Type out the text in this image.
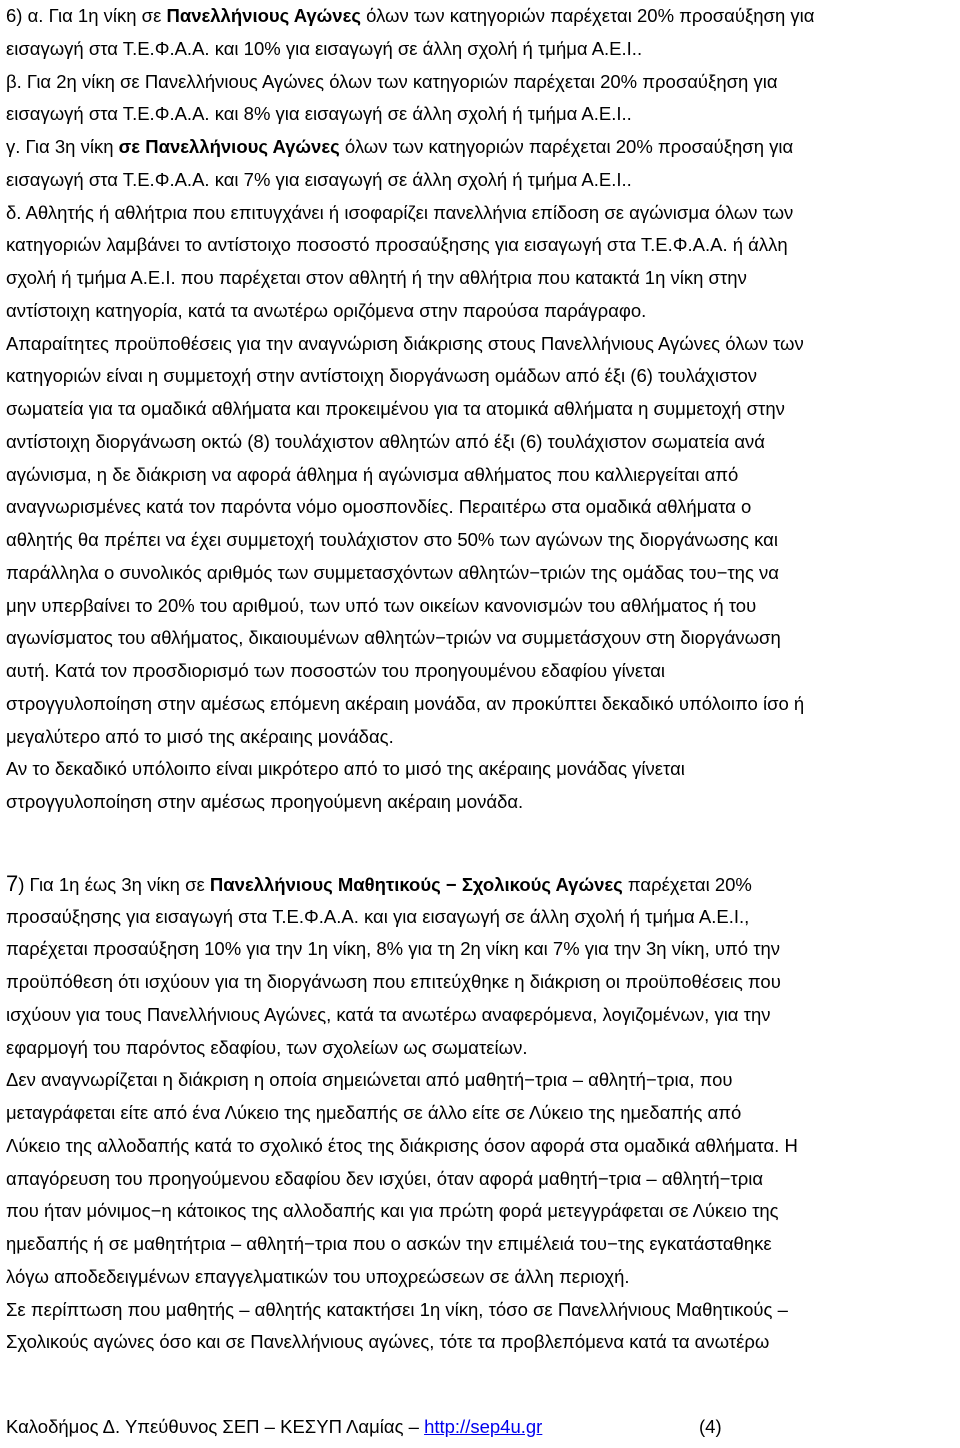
6) α. Για 1η νίκη σε Πανελλήνιους Αγώνες όλων των κατηγοριών παρέχεται 20% προσαύξηση για
εισαγωγή στα Τ.Ε.Φ.Α.Α. και 10% για εισαγωγή σε άλλη σχολή ή τμήμα Α.Ε.Ι..
β. Για 2η νίκη σε Πανελλήνιους Αγώνες όλων των κατηγοριών παρέχεται 20% προσαύξηση για
εισαγωγή στα Τ.Ε.Φ.Α.Α. και 8% για εισαγωγή σε άλλη σχολή ή τμήμα Α.Ε.Ι..
γ. Για 3η νίκη σε Πανελλήνιους Αγώνες όλων των κατηγοριών παρέχεται 20% προσαύξηση για
εισαγωγή στα Τ.Ε.Φ.Α.Α. και 7% για εισαγωγή σε άλλη σχολή ή τμήμα Α.Ε.Ι..
δ. Αθλητής ή αθλήτρια που επιτυγχάνει ή ισοφαρίζει πανελλήνια επίδοση σε αγώνισμα όλων των
κατηγοριών λαμβάνει το αντίστοιχο ποσοστό προσαύξησης για εισαγωγή στα Τ.Ε.Φ.Α.Α. ή άλλη
σχολή ή τμήμα Α.Ε.Ι. που παρέχεται στον αθλητή ή την αθλήτρια που κατακτά 1η νίκη στην
αντίστοιχη κατηγορία, κατά τα ανωτέρω οριζόμενα στην παρούσα παράγραφο.
Απαραίτητες προϋποθέσεις για την αναγνώριση διάκρισης στους Πανελλήνιους Αγώνες όλων των
κατηγοριών είναι η συμμετοχή στην αντίστοιχη διοργάνωση ομάδων από έξι (6) τουλάχιστον
σωματεία για τα ομαδικά αθλήματα και προκειμένου για τα ατομικά αθλήματα η συμμετοχή στην
αντίστοιχη διοργάνωση οκτώ (8) τουλάχιστον αθλητών από έξι (6) τουλάχιστον σωματεία ανά
αγώνισμα, η δε διάκριση να αφορά άθλημα ή αγώνισμα αθλήματος που καλλιεργείται από
αναγνωρισμένες κατά τον παρόντα νόμο ομοσπονδίες. Περαιτέρω στα ομαδικά αθλήματα ο
αθλητής θα πρέπει να έχει συμμετοχή τουλάχιστον στο 50% των αγώνων της διοργάνωσης και
παράλληλα ο συνολικός αριθμός των συμμετασχόντων αθλητών−τριών της ομάδας του−της να
μην υπερβαίνει το 20% του αριθμού, των υπό των οικείων κανονισμών του αθλήματος ή του
αγωνίσματος του αθλήματος, δικαιουμένων αθλητών−τριών να συμμετάσχουν στη διοργάνωση
αυτή. Κατά τον προσδιορισμό των ποσοστών του προηγουμένου εδαφίου γίνεται
στρογγυλοποίηση στην αμέσως επόμενη ακέραιη μονάδα, αν προκύπτει δεκαδικό υπόλοιπο ίσο ή
μεγαλύτερο από το μισό της ακέραιης μονάδας.
Αν το δεκαδικό υπόλοιπο είναι μικρότερο από το μισό της ακέραιης μονάδας γίνεται
στρογγυλοποίηση στην αμέσως προηγούμενη ακέραιη μονάδα.
7) Για 1η έως 3η νίκη σε Πανελλήνιους Μαθητικούς − Σχολικούς Αγώνες παρέχεται 20%
προσαύξησης για εισαγωγή στα Τ.Ε.Φ.Α.Α. και για εισαγωγή σε άλλη σχολή ή τμήμα Α.Ε.Ι.,
παρέχεται προσαύξηση 10% για την 1η νίκη, 8% για τη 2η νίκη και 7% για την 3η νίκη, υπό την
προϋπόθεση ότι ισχύουν για τη διοργάνωση που επιτεύχθηκε η διάκριση οι προϋποθέσεις που
ισχύουν για τους Πανελλήνιους Αγώνες, κατά τα ανωτέρω αναφερόμενα, λογιζομένων, για την
εφαρμογή του παρόντος εδαφίου, των σχολείων ως σωματείων.
Δεν αναγνωρίζεται η διάκριση η οποία σημειώνεται από μαθητή−τρια – αθλητή−τρια, που
μεταγράφεται είτε από ένα Λύκειο της ημεδαπής σε άλλο είτε σε Λύκειο της ημεδαπής από
Λύκειο της αλλοδαπής κατά το σχολικό έτος της διάκρισης όσον αφορά στα ομαδικά αθλήματα. Η
απαγόρευση του προηγούμενου εδαφίου δεν ισχύει, όταν αφορά μαθητή−τρια – αθλητή−τρια
που ήταν μόνιμος−η κάτοικος της αλλοδαπής και για πρώτη φορά μετεγγράφεται σε Λύκειο της
ημεδαπής ή σε μαθητήτρια – αθλητή−τρια που ο ασκών την επιμέλειά του−της εγκατάσταθηκε
λόγω αποδεδειγμένων επαγγελματικών του υποχρεώσεων σε άλλη περιοχή.
Σε περίπτωση που μαθητής – αθλητής κατακτήσει 1η νίκη, τόσο σε Πανελλήνιους Μαθητικούς –
Σχολικούς αγώνες όσο και σε Πανελλήνιους αγώνες, τότε τα προβλεπόμενα κατά τα ανωτέρω
Καλοδήμος Δ. Υπεύθυνος ΣΕΠ – ΚΕΣΥΠ Λαμίας – http://sep4u.gr	(4)
